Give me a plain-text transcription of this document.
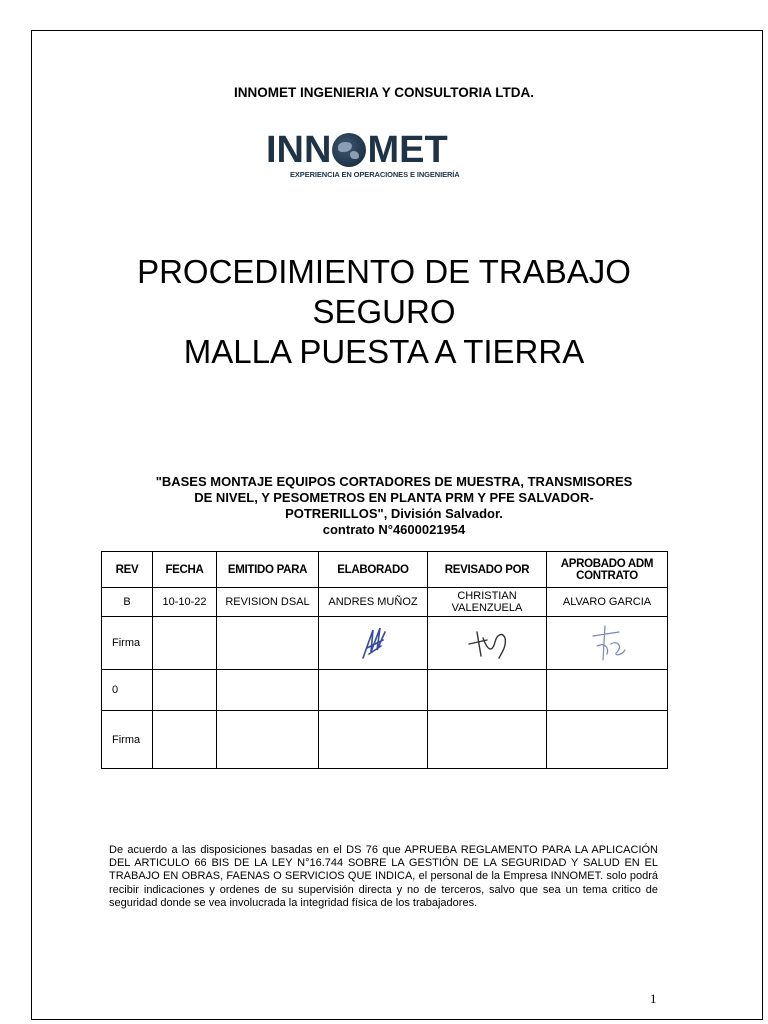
INNOMET INGENIERIA Y CONSULTORIA LTDA.
INN MET
EXPERIENCIA EN OPERACIONES E INGENIERÍA
PROCEDIMIENTO DE TRABAJO
SEGURO
MALLA PUESTA A TIERRA
"BASES MONTAJE EQUIPOS CORTADORES DE MUESTRA, TRANSMISORES
DE NIVEL, Y PESOMETROS EN PLANTA PRM Y PFE SALVADOR-
POTRERILLOS", División Salvador.
contrato N°4600021954
REV	FECHA	EMITIDO PARA	ELABORADO	REVISADO POR	APROBADO ADM CONTRATO
B	10-10-22	REVISION DSAL	ANDRES MUÑOZ	CHRISTIAN VALENZUELA	ALVARO GARCIA
Firma					
0					
Firma					
De acuerdo a las disposiciones basadas en el DS 76 que APRUEBA REGLAMENTO PARA LA APLICACIÓN DEL ARTICULO 66 BIS DE LA LEY N°16.744 SOBRE LA GESTIÓN DE LA SEGURIDAD Y SALUD EN EL TRABAJO EN OBRAS, FAENAS O SERVICIOS QUE INDICA, el personal de la Empresa INNOMET. solo podrá recibir indicaciones y ordenes de su supervisión directa y no de terceros, salvo que sea un tema critico de seguridad donde se vea involucrada la integridad física de los trabajadores.
1
